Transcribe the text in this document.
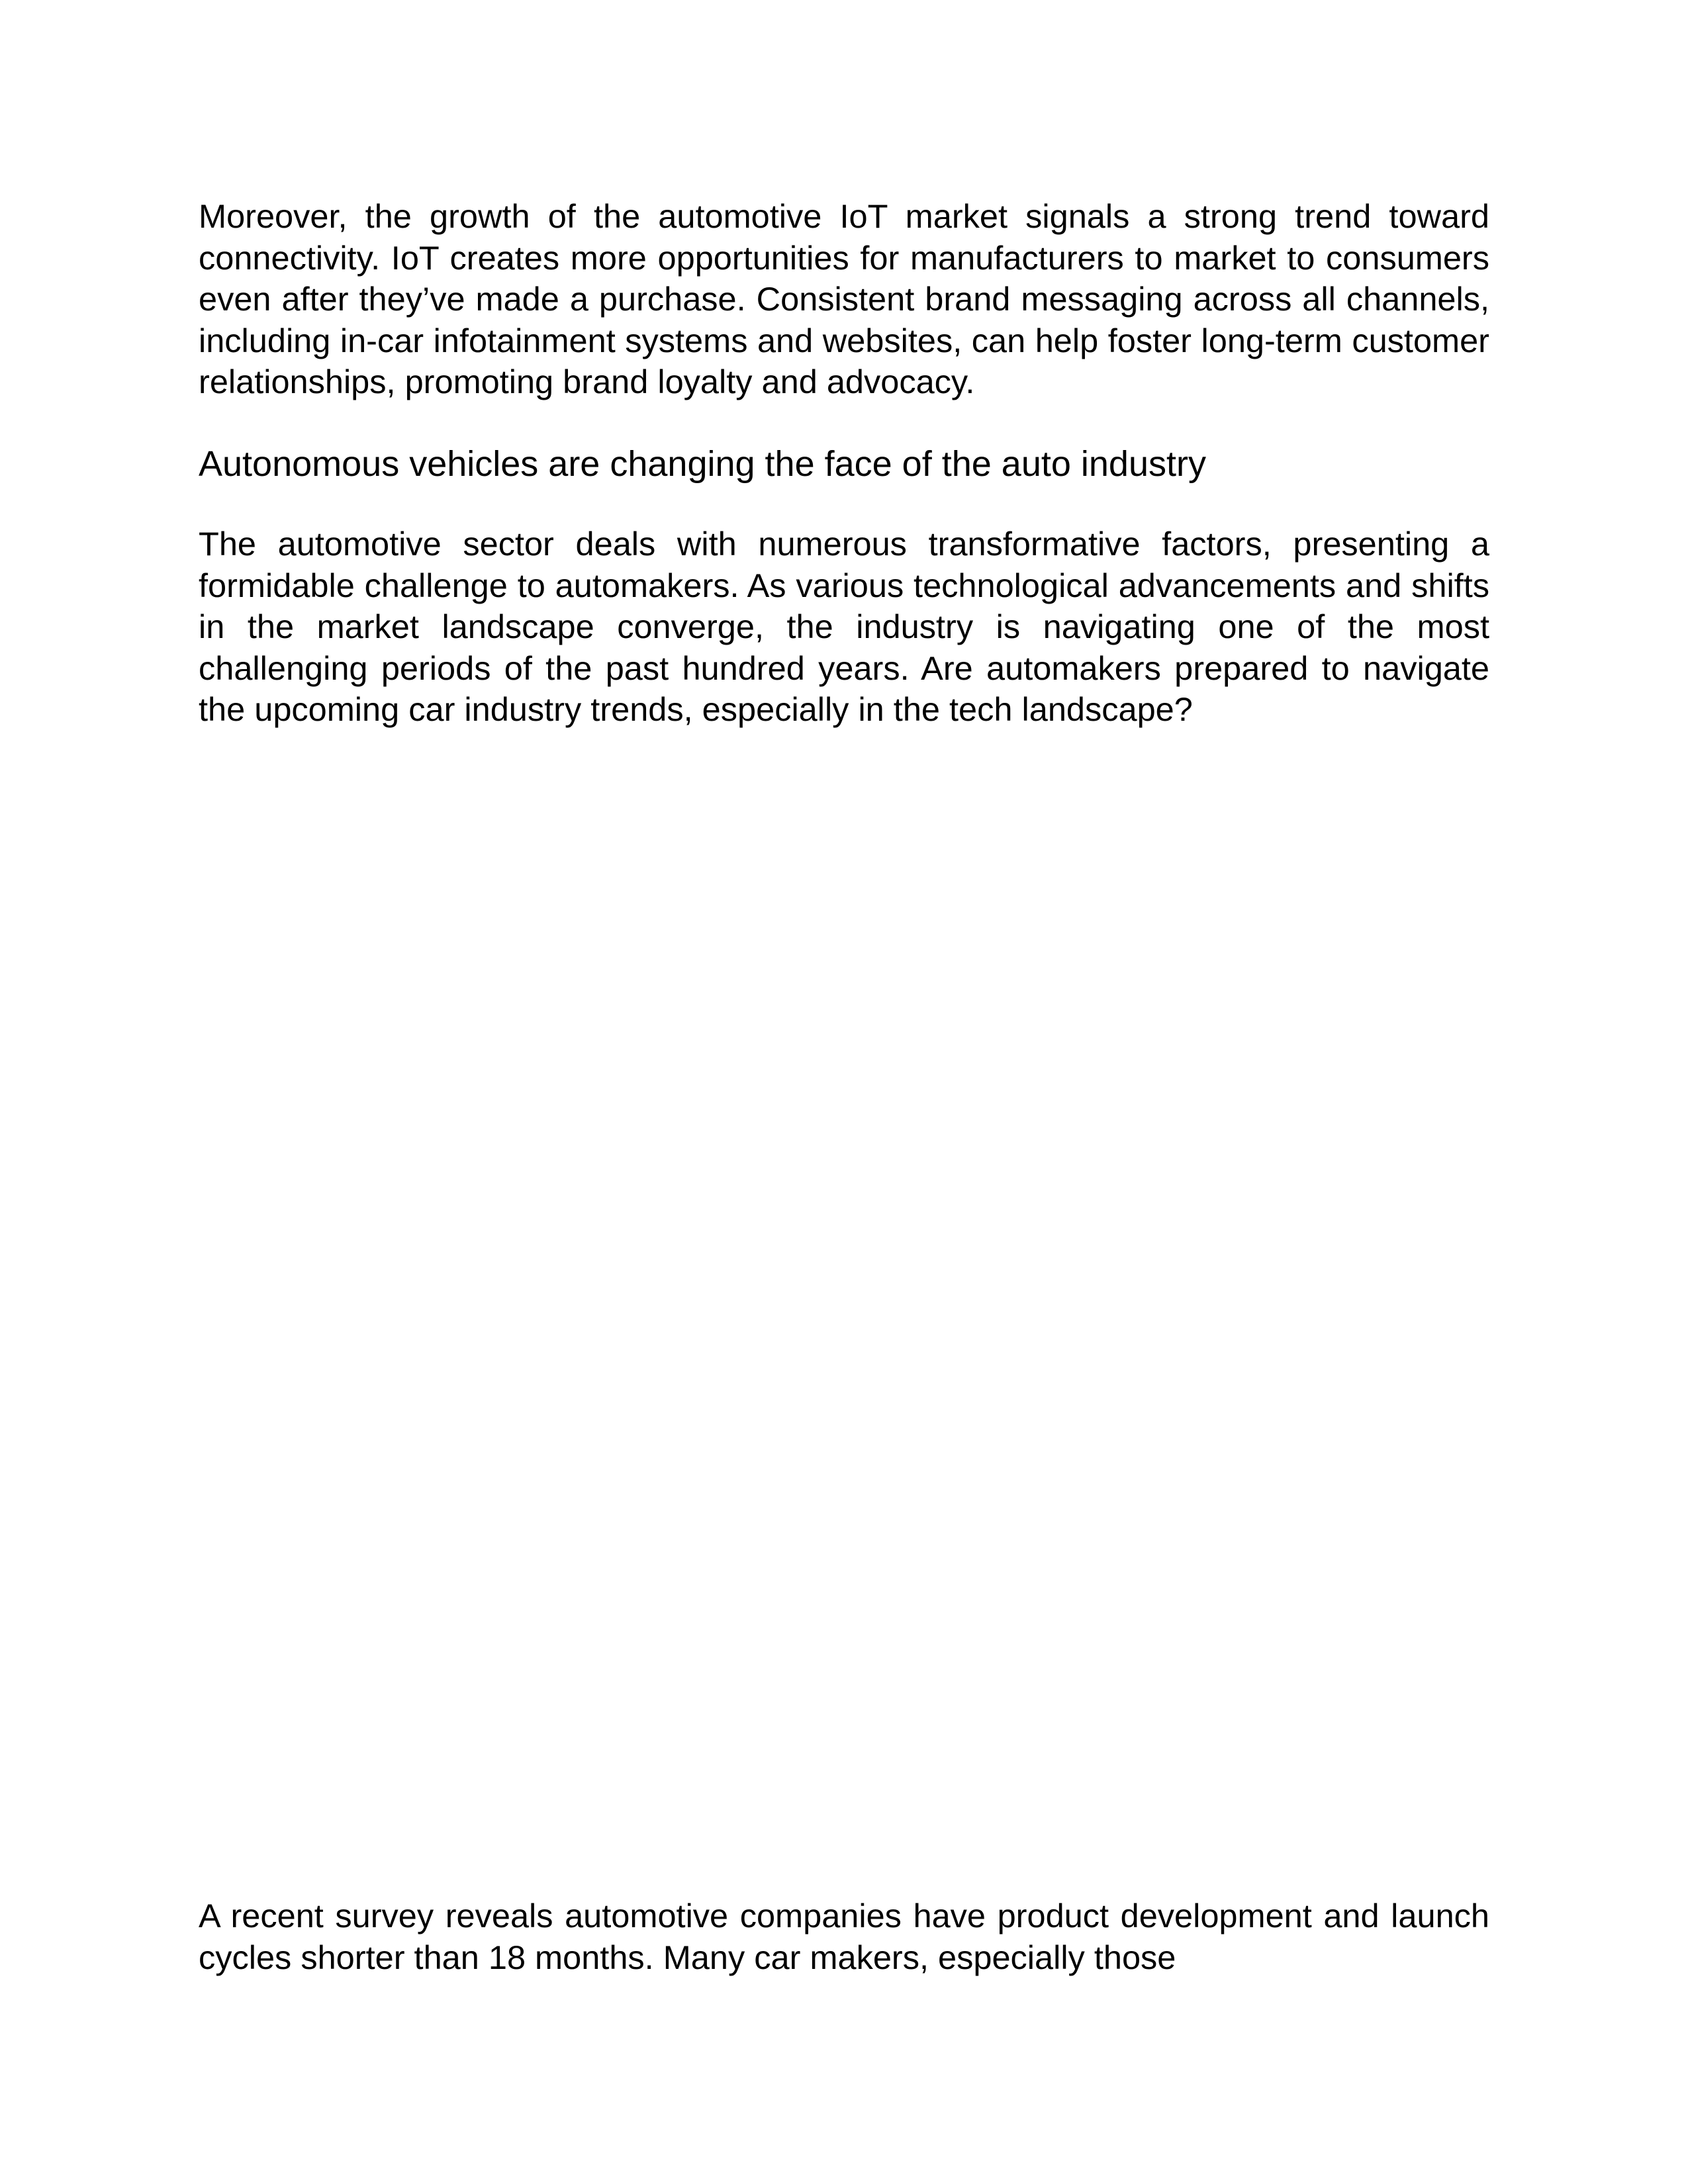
Moreover, the growth of the automotive IoT market signals a strong trend toward connectivity. IoT creates more opportunities for manufacturers to market to consumers even after they’ve made a purchase. Consistent brand messaging across all channels, including in-car infotainment systems and websites, can help foster long-term customer relationships, promoting brand loyalty and advocacy.

Autonomous vehicles are changing the face of the auto industry

The automotive sector deals with numerous transformative factors, presenting a formidable challenge to automakers. As various technological advancements and shifts in the market landscape converge, the industry is navigating one of the most challenging periods of the past hundred years. Are automakers prepared to navigate the upcoming car industry trends, especially in the tech landscape?

A recent survey reveals automotive companies have product development and launch cycles shorter than 18 months. Many car makers, especially those
